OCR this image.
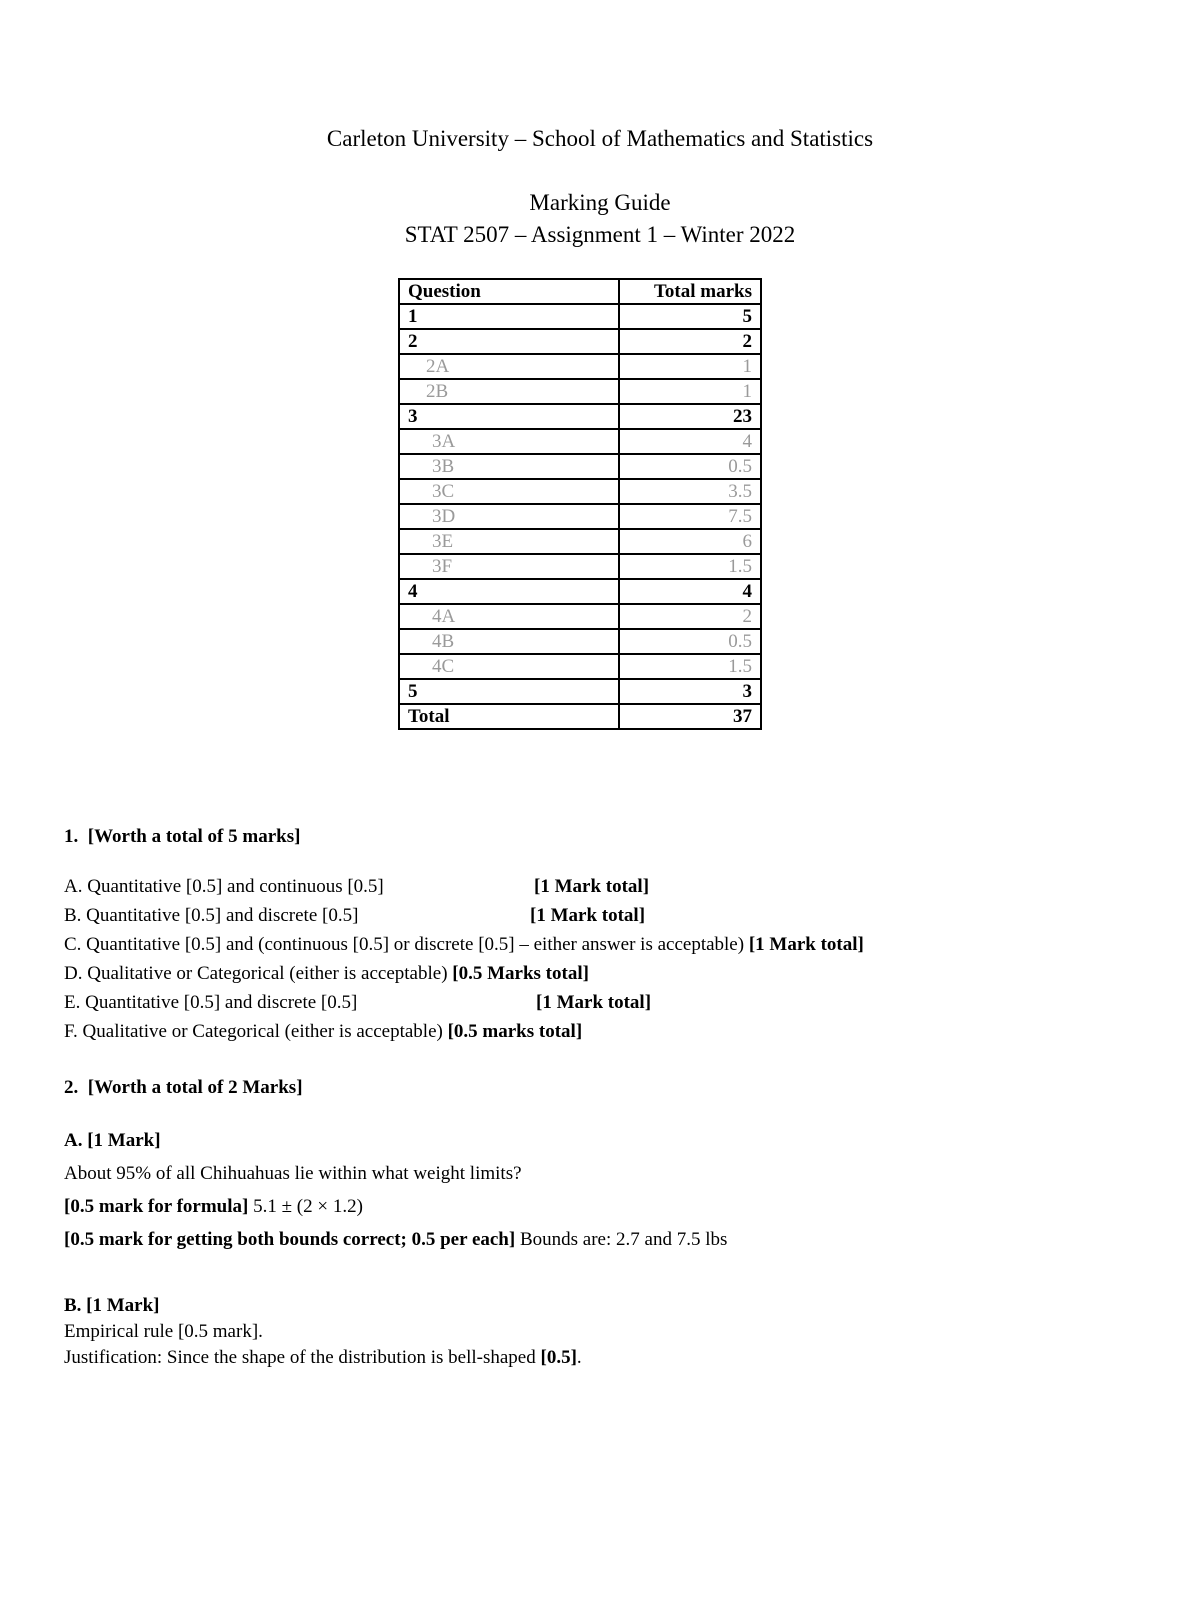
Carleton University – School of Mathematics and Statistics
Marking Guide
STAT 2507 – Assignment 1 – Winter 2022
Question	Total marks
1	5
2	2
2A	1
2B	1
3	23
3A	4
3B	0.5
3C	3.5
3D	7.5
3E	6
3F	1.5
4	4
4A	2
4B	0.5
4C	1.5
5	3
Total	37
1. [Worth a total of 5 marks]
A. Quantitative [0.5] and continuous [0.5]	[1 Mark total]
B. Quantitative [0.5] and discrete [0.5]	[1 Mark total]
C. Quantitative [0.5] and (continuous [0.5] or discrete [0.5] – either answer is acceptable) [1 Mark total]
D. Qualitative or Categorical (either is acceptable) [0.5 Marks total]
E. Quantitative [0.5] and discrete [0.5]	[1 Mark total]
F. Qualitative or Categorical (either is acceptable) [0.5 marks total]
2. [Worth a total of 2 Marks]
A. [1 Mark]
About 95% of all Chihuahuas lie within what weight limits?
[0.5 mark for formula] 5.1 ± (2 × 1.2)
[0.5 mark for getting both bounds correct; 0.5 per each] Bounds are: 2.7 and 7.5 lbs
B. [1 Mark]
Empirical rule [0.5 mark].
Justification: Since the shape of the distribution is bell-shaped [0.5].
